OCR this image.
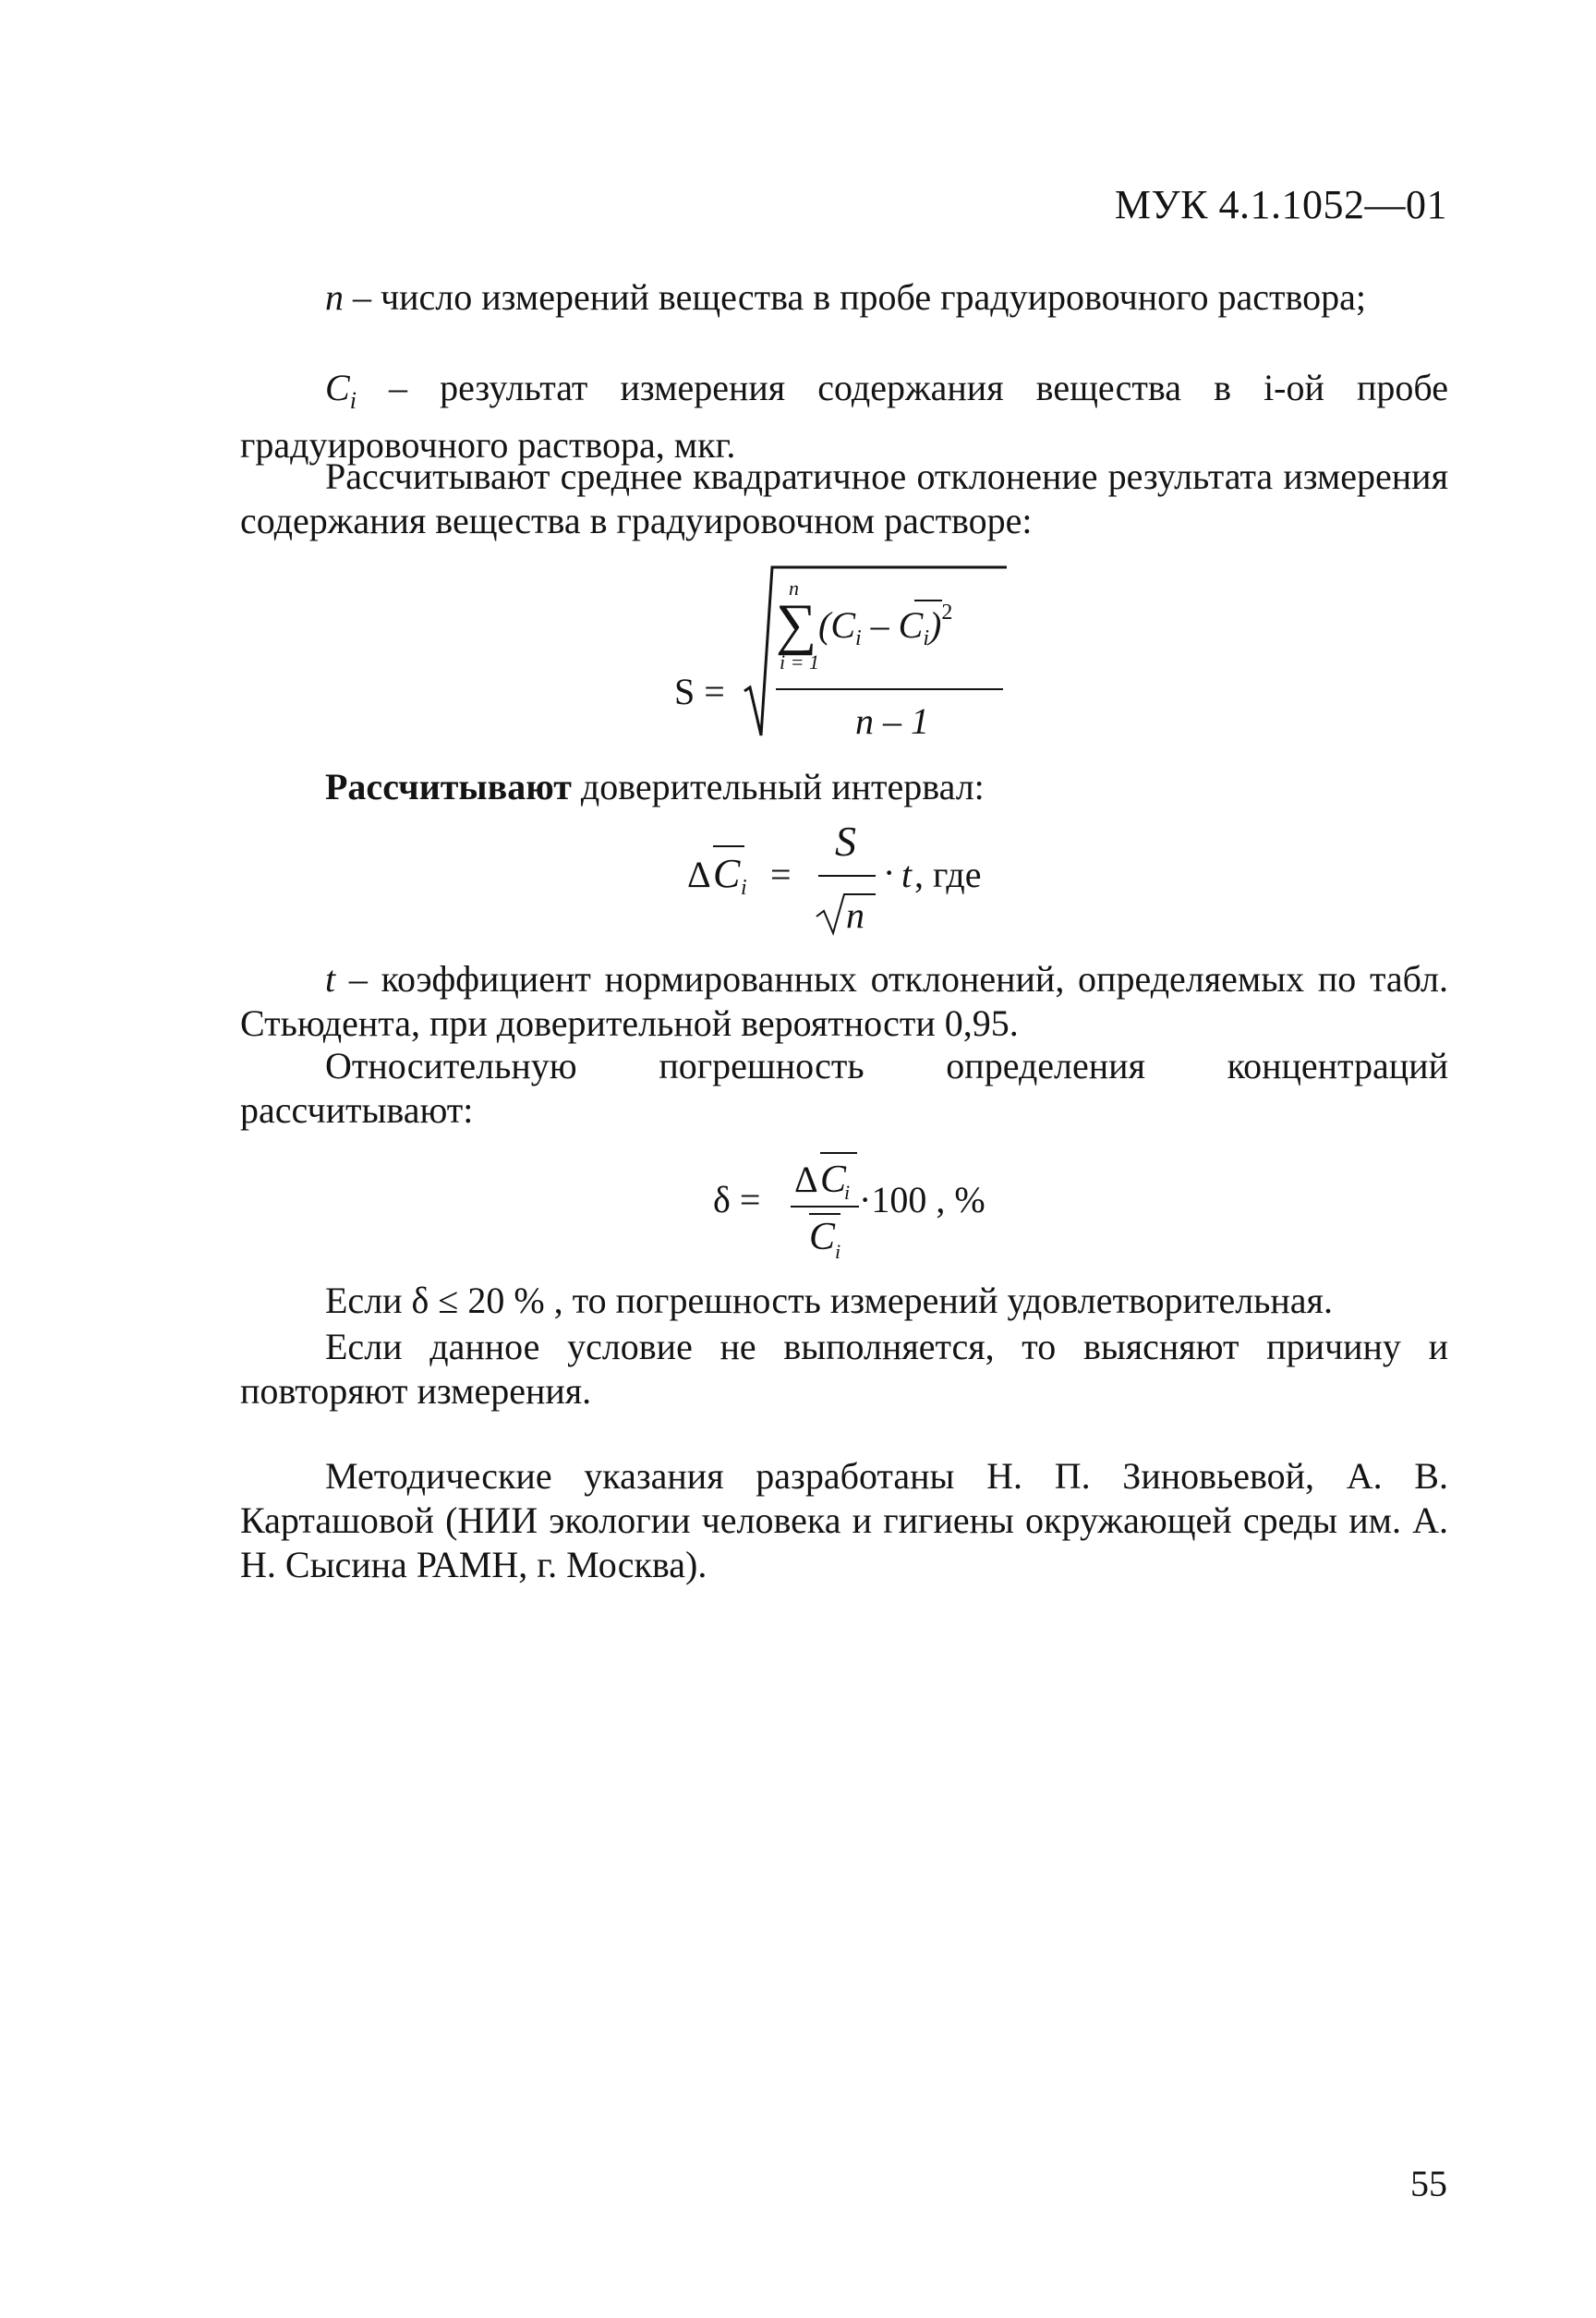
МУК 4.1.1052—01

n – число измерений вещества в пробе градуировочного раствора;

$C_i$ – результат измерения содержания вещества в i-ой пробе градуировочного раствора, мкг.

Рассчитывают среднее квадратичное отклонение результата измерения содержания вещества в градуировочном растворе:

S =
n
∑
i = 1
$(C_i - C_i)^2$
n – 1

Рассчитывают доверительный интервал:

Δ C i =
S
n
· t , где

t – коэффициент нормированных отклонений, определяемых по табл. Стьюдента, при доверительной вероятности 0,95.

Относительную погрешность определения концентраций рассчитывают:

δ = Δ C
i
C i
·100 , %

Если δ ≤ 20 % , то погрешность измерений удовлетворительная.

Если данное условие не выполняется, то выясняют причину и повторяют измерения.

Методические указания разработаны Н. П. Зиновьевой, А. В. Карташовой (НИИ экологии человека и гигиены окружающей среды им. А. Н. Сысина РАМН, г. Москва).

55
